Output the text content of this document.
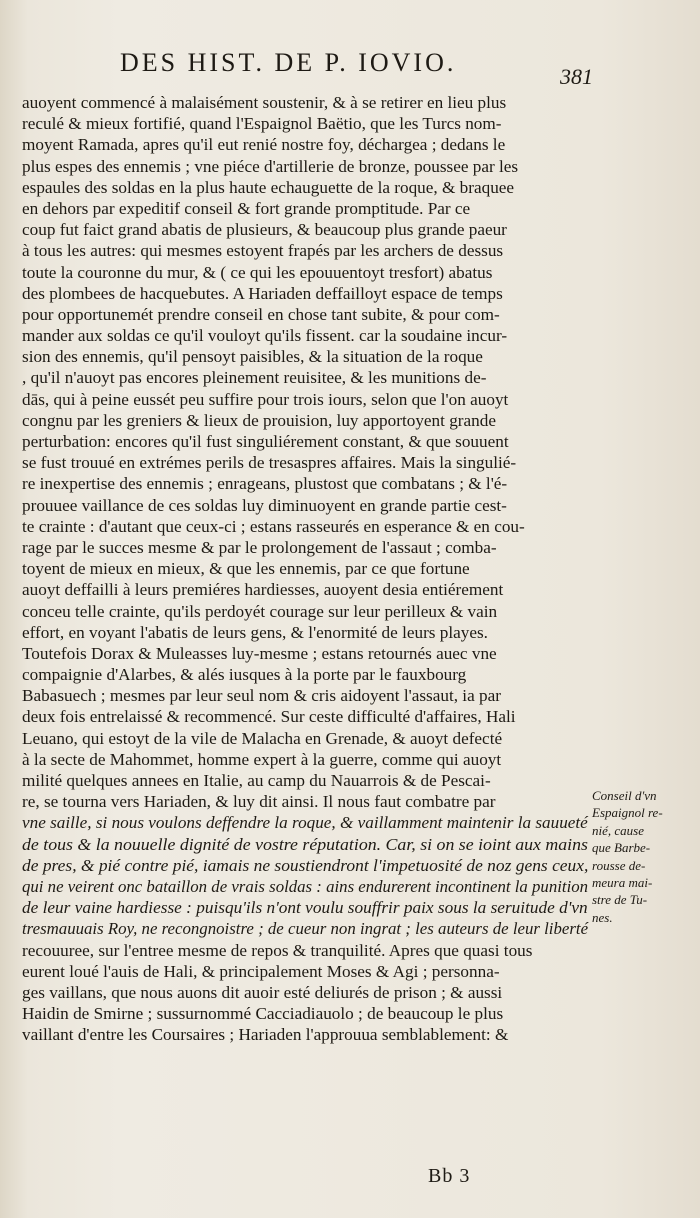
DES HIST. DE P. IOVIO.	381
auoyent commencé à malaisément soustenir, & à se retirer en lieu plus
reculé & mieux fortifié, quand l'Espaignol Baëtio, que les Turcs nom-
moyent Ramada, apres qu'il eut renié nostre foy, déchargea ; dedans le
plus espes des ennemis ; vne piéce d'artillerie de bronze, poussee par les
espaules des soldas en la plus haute echauguette de la roque, & braquee
en dehors par expeditif conseil & fort grande promptitude. Par ce
coup fut faict grand abatis de plusieurs, & beaucoup plus grande paeur
à tous les autres: qui mesmes estoyent frapés par les archers de dessus
toute la couronne du mur, & ( ce qui les epouuentoyt tresfort) abatus
des plombees de hacquebutes. A Hariaden deffailloyt espace de temps
pour opportunemét prendre conseil en chose tant subite, & pour com-
mander aux soldas ce qu'il vouloyt qu'ils fissent. car la soudaine incur-
sion des ennemis, qu'il pensoyt paisibles, & la situation de la roque
, qu'il n'auoyt pas encores pleinement reuisitee, & les munitions de-
dās, qui à peine eussét peu suffire pour trois iours, selon que l'on auoyt
congnu par les greniers & lieux de prouision, luy apportoyent grande
perturbation: encores qu'il fust singuliérement constant, & que souuent
se fust trouué en extrémes perils de tresaspres affaires. Mais la singulié-
re inexpertise des ennemis ; enrageans, plustost que combatans ; & l'é-
prouuee vaillance de ces soldas luy diminuoyent en grande partie cest-
te crainte : d'autant que ceux-ci ; estans rasseurés en esperance & en cou-
rage par le succes mesme & par le prolongement de l'assaut ; comba-
toyent de mieux en mieux, & que les ennemis, par ce que fortune
auoyt deffailli à leurs premiéres hardiesses, auoyent desia entiérement
conceu telle crainte, qu'ils perdoyét courage sur leur perilleux & vain
effort, en voyant l'abatis de leurs gens, & l'enormité de leurs playes.
Toutefois Dorax & Muleasses luy-mesme ; estans retournés auec vne
compaignie d'Alarbes, & alés iusques à la porte par le fauxbourg
Babasuech ; mesmes par leur seul nom & cris aidoyent l'assaut, ia par
deux fois entrelaissé & recommencé. Sur ceste difficulté d'affaires, Hali
Leuano, qui estoyt de la vile de Malacha en Grenade, & auoyt defecté
à la secte de Mahommet, homme expert à la guerre, comme qui auoyt
milité quelques annees en Italie, au camp du Nauarrois & de Pescai-
re, se tourna vers Hariaden, & luy dit ainsi. Il nous faut combatre par
vne saille, si nous voulons deffendre la roque, & vaillamment maintenir la sauueté
de tous & la nouuelle dignité de vostre réputation. Car, si on se ioint aux mains
de pres, & pié contre pié, iamais ne soustiendront l'impetuosité de noz gens ceux,
qui ne veirent onc bataillon de vrais soldas : ains endurerent incontinent la punition
de leur vaine hardiesse : puisqu'ils n'ont voulu souffrir paix sous la seruitude d'vn
tresmauuais Roy, ne recongnoistre ; de cueur non ingrat ; les auteurs de leur liberté
recouuree, sur l'entree mesme de repos & tranquilité. Apres que quasi tous
eurent loué l'auis de Hali, & principalement Moses & Agi ; personna-
ges vaillans, que nous auons dit auoir esté deliurés de prison ; & aussi
Haidin de Smirne ; sussurnommé Cacciadiauolo ; de beaucoup le plus
vaillant d'entre les Coursaires ; Hariaden l'approuua semblablement: &
Conseil d'vn
Espaignol re-
nié, cause
que Barbe-
rousse de-
meura mai-
stre de Tu-
nes.
Bb 3
